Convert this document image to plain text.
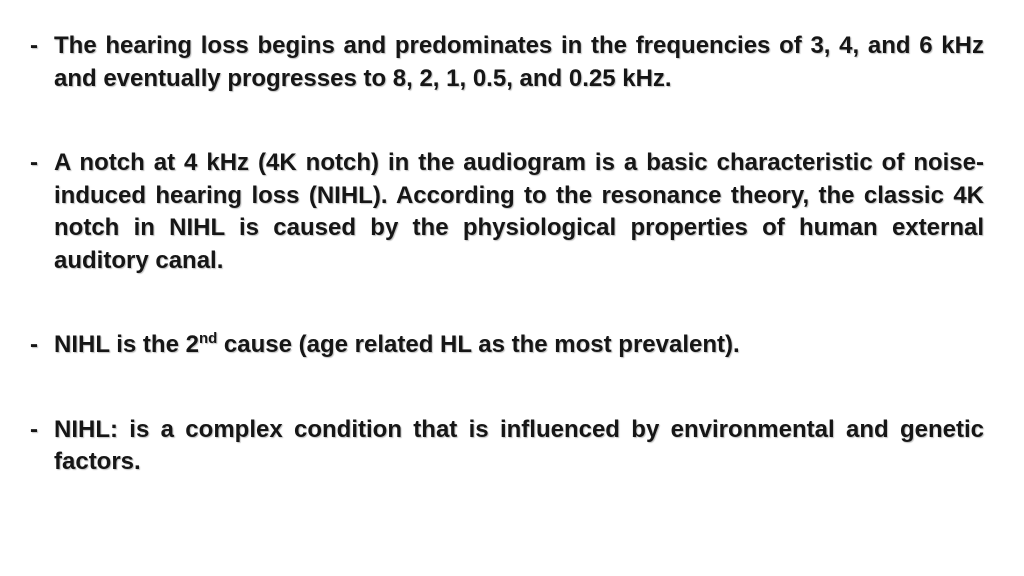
- The hearing loss begins and predominates in the frequencies of 3, 4, and 6 kHz and eventually progresses to 8, 2, 1, 0.5, and 0.25 kHz.
- A notch at 4 kHz (4K notch) in the audiogram is a basic characteristic of noise-induced hearing loss (NIHL). According to the resonance theory, the classic 4K notch in NIHL is caused by the physiological properties of human external auditory canal.
- NIHL is the 2nd cause (age related HL as the most prevalent).
- NIHL: is a complex condition that is influenced by environmental and genetic factors.
